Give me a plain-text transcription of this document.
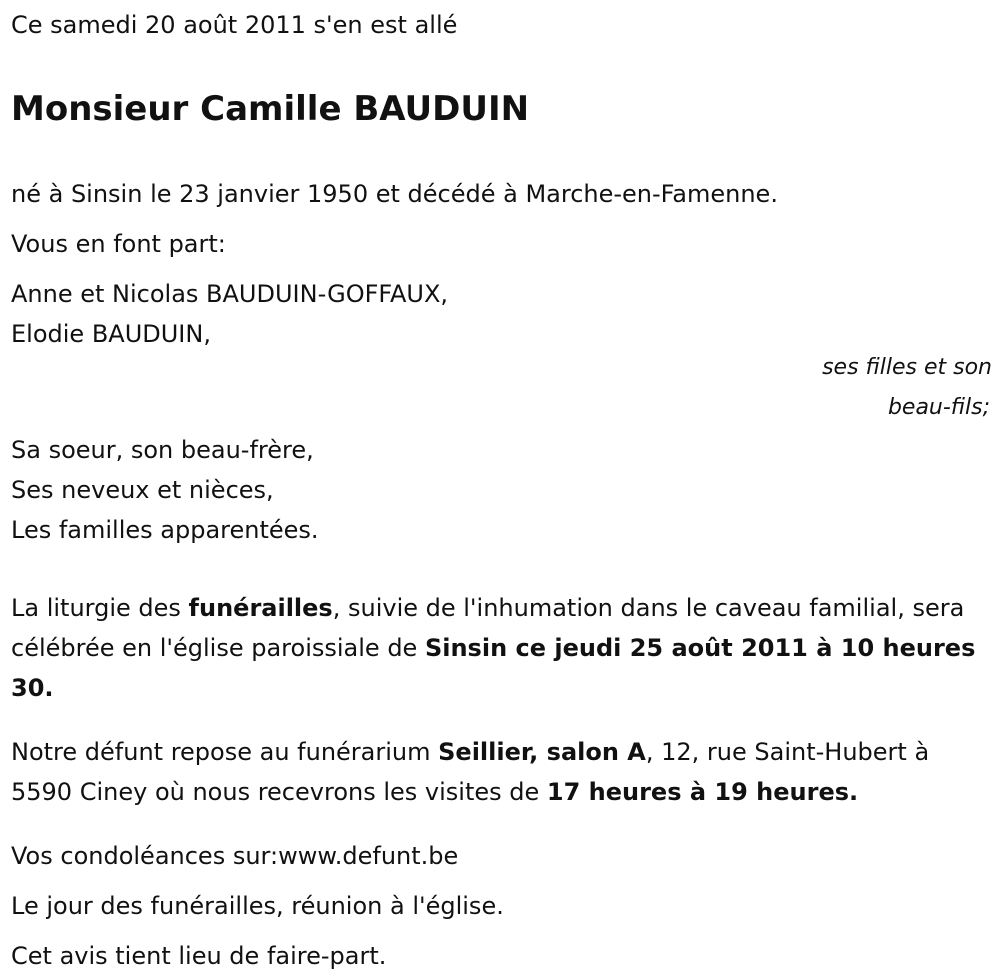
Ce samedi 20 août 2011 s'en est allé

Monsieur Camille BAUDUIN

né à Sinsin le 23 janvier 1950 et décédé à Marche-en-Famenne.

Vous en font part:

Anne et Nicolas BAUDUIN-GOFFAUX,

Elodie BAUDUIN,

ses filles et son
beau-fils;

Sa soeur, son beau-frère,

Ses neveux et nièces,

Les familles apparentées.

La liturgie des funérailles, suivie de l'inhumation dans le caveau familial, sera célébrée en l'église paroissiale de Sinsin ce jeudi 25 août 2011 à 10 heures 30.

Notre défunt repose au funérarium Seillier, salon A, 12, rue Saint-Hubert à 5590 Ciney où nous recevrons les visites de 17 heures à 19 heures.

Vos condoléances sur:www.defunt.be

Le jour des funérailles, réunion à l'église.

Cet avis tient lieu de faire-part.
